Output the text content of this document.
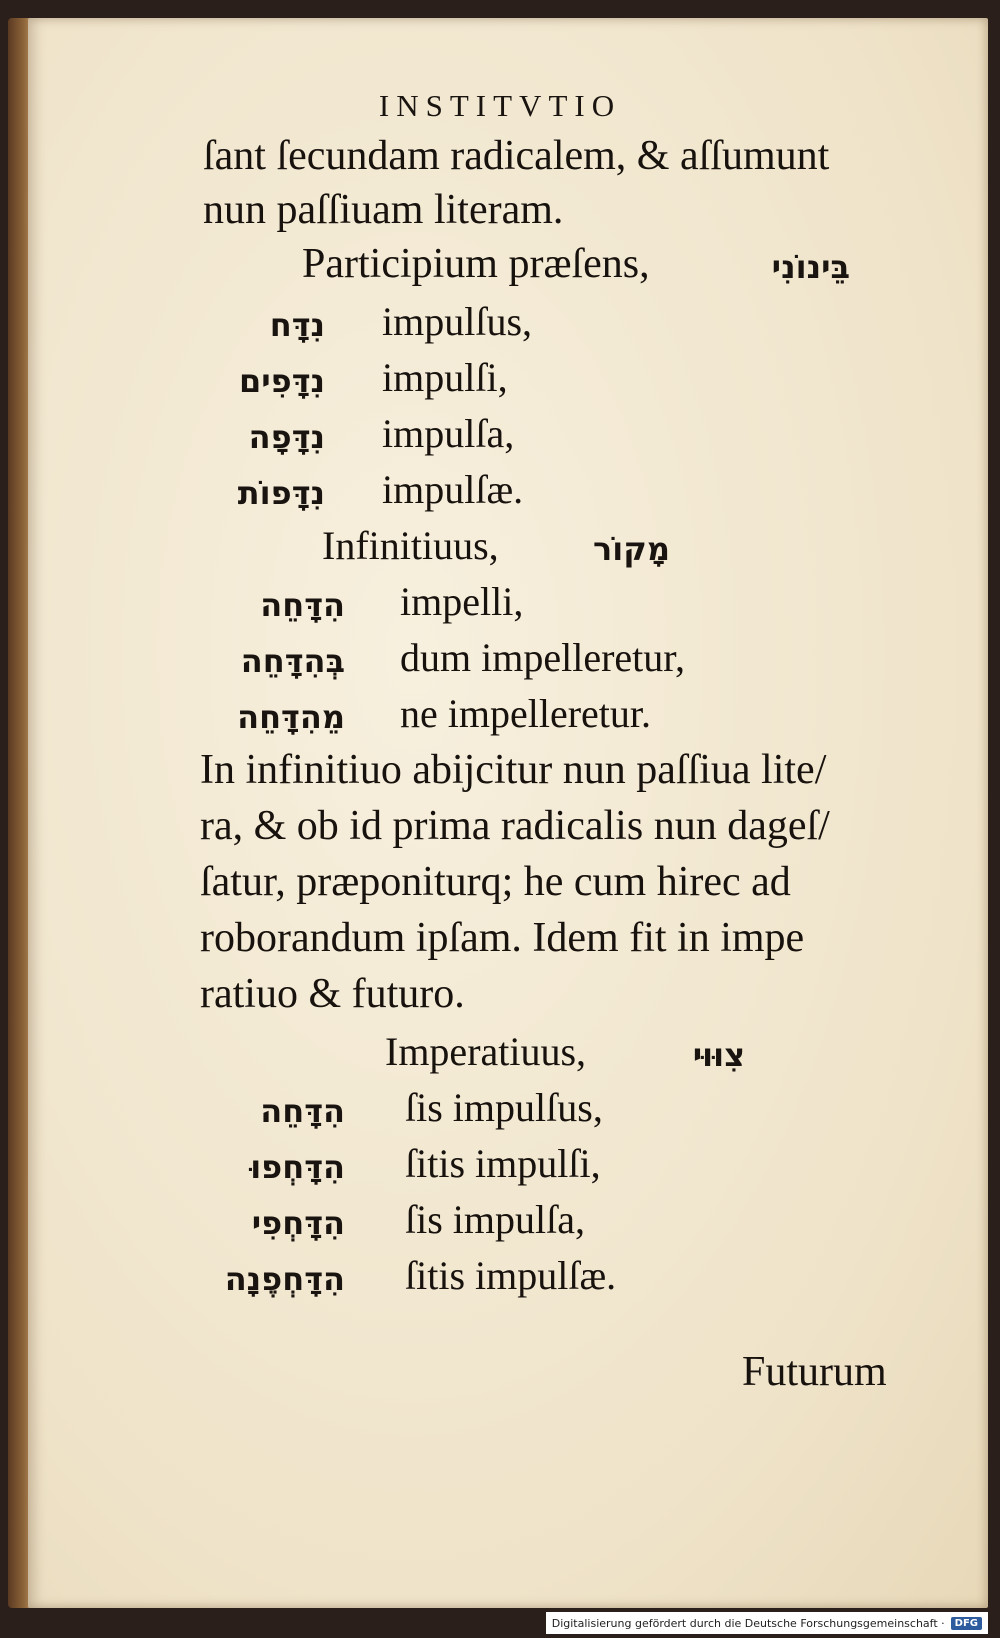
INSTITVTIO
ſant ſecundam radicalem, & aſſumunt
nun paſſiuam literam.
Participium præſens,	בֵּינוֹנִי
נִדָּח impulſus,
נִדָּפִים impulſi,
נִדָּפָה impulſa,
נִדָּפוֹת impulſæ.
Infinitiuus,	מָקוֹר
הִדָּחֵה impelli,
בְּהִדָּחֵה dum impelleretur,
מֵהִדָּחֵה ne impelleretur.
In infinitiuo abijcitur nun paſſiua lite/
ra, & ob id prima radicalis nun dageſ/
ſatur, præponiturq; he cum hirec ad
roborandum ipſam. Idem fit in impe
ratiuo & futuro.
Imperatiuus,	צִוּוּי
הִדָּחֵה ſis impulſus,
הִדָּחְפוּ ſitis impulſi,
הִדָּחְפִי ſis impulſa,
הִדָּחְפֶנָה ſitis impulſæ.
Futurum
Digitalisierung gefördert durch die Deutsche Forschungsgemeinschaft ·	DFG
